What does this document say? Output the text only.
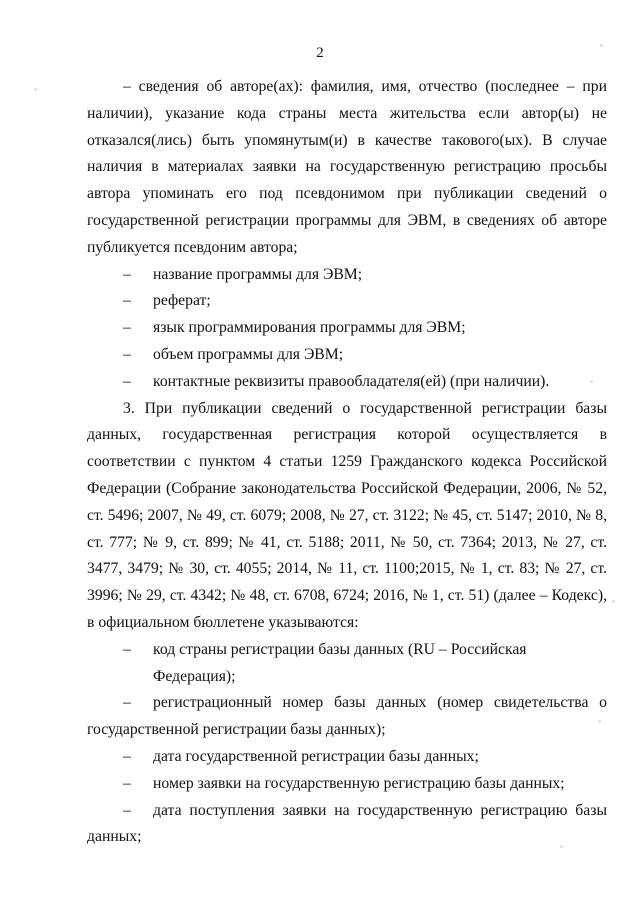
2

– сведения об авторе(ах): фамилия, имя, отчество (последнее – при наличии), указание кода страны места жительства если автор(ы) не отказался(лись) быть упомянутым(и) в качестве такового(ых). В случае наличия в материалах заявки на государственную регистрацию просьбы автора упоминать его под псевдонимом при публикации сведений о государственной регистрации программы для ЭВМ, в сведениях об авторе публикуется псевдоним автора;

–	название программы для ЭВМ;
–	реферат;
–	язык программирования программы для ЭВМ;
–	объем программы для ЭВМ;
–	контактные реквизиты правообладателя(ей) (при наличии).

3. При публикации сведений о государственной регистрации базы данных, государственная регистрация которой осуществляется в соответствии с пунктом 4 статьи 1259 Гражданского кодекса Российской Федерации (Собрание законодательства Российской Федерации, 2006, № 52, ст. 5496; 2007, № 49, ст. 6079; 2008, № 27, ст. 3122; № 45, ст. 5147; 2010, № 8, ст. 777; № 9, ст. 899; № 41, ст. 5188; 2011, № 50, ст. 7364; 2013, № 27, ст. 3477, 3479; № 30, ст. 4055; 2014, № 11, ст. 1100;2015, № 1, ст. 83; № 27, ст. 3996; № 29, ст. 4342; № 48, ст. 6708, 6724; 2016, № 1, ст. 51) (далее – Кодекс), в официальном бюллетене указываются:

–	код страны регистрации базы данных (RU – Российская Федерация);

– регистрационный номер базы данных (номер свидетельства о государственной регистрации базы данных);

–	дата государственной регистрации базы данных;
–	номер заявки на государственную регистрацию базы данных;

– дата поступления заявки на государственную регистрацию базы данных;
